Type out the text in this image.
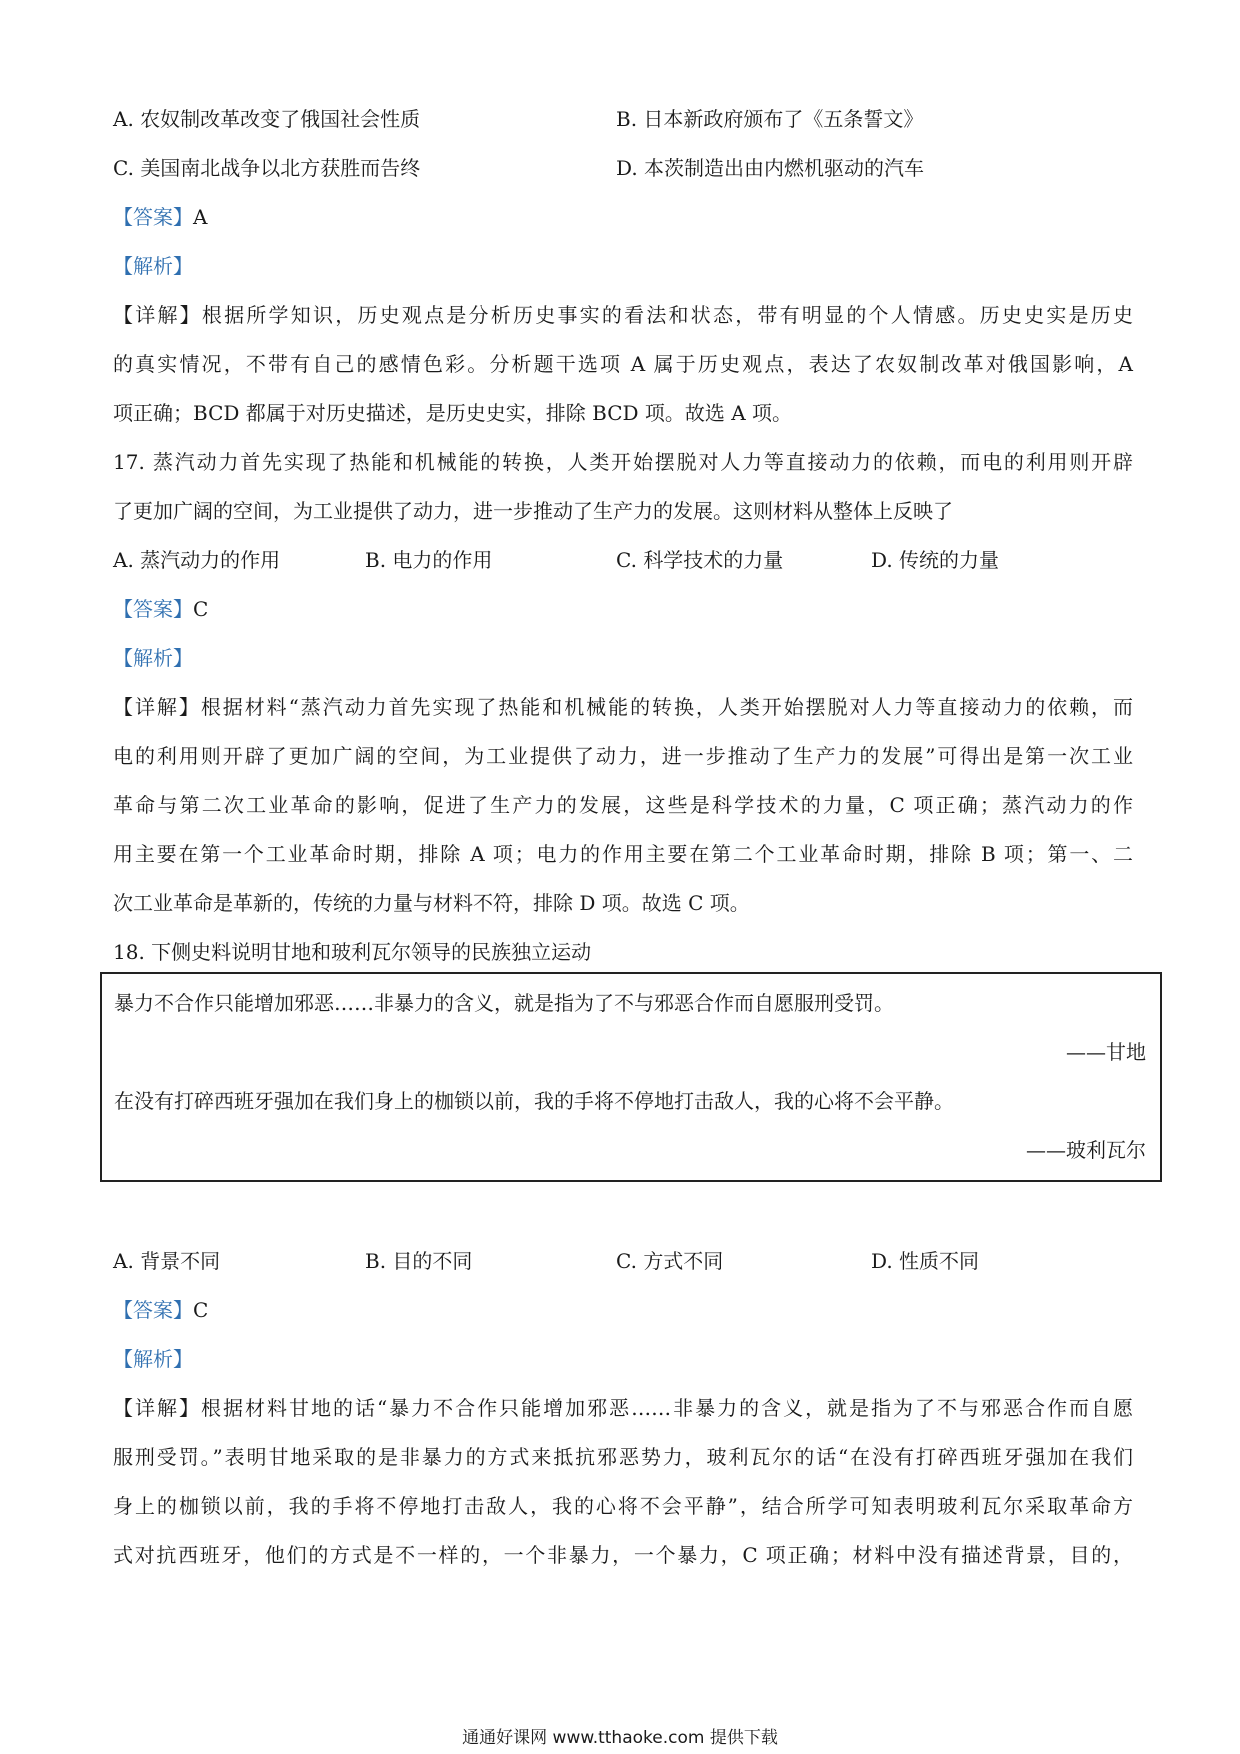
A. 农奴制改革改变了俄国社会性质	B. 日本新政府颁布了《五条誓文》
C. 美国南北战争以北方获胜而告终	D. 本茨制造出由内燃机驱动的汽车
【答案】A
【解析】
【详解】根据所学知识，历史观点是分析历史事实的看法和状态，带有明显的个人情感。历史史实是历史
的真实情况，不带有自己的感情色彩。分析题干选项 A 属于历史观点，表达了农奴制改革对俄国影响，A
项正确；BCD 都属于对历史描述，是历史史实，排除 BCD 项。故选 A 项。
17. 蒸汽动力首先实现了热能和机械能的转换，人类开始摆脱对人力等直接动力的依赖，而电的利用则开辟
了更加广阔的空间，为工业提供了动力，进一步推动了生产力的发展。这则材料从整体上反映了
A. 蒸汽动力的作用	B. 电力的作用	C. 科学技术的力量	D. 传统的力量
【答案】C
【解析】
【详解】根据材料“蒸汽动力首先实现了热能和机械能的转换，人类开始摆脱对人力等直接动力的依赖，而
电的利用则开辟了更加广阔的空间，为工业提供了动力，进一步推动了生产力的发展”可得出是第一次工业
革命与第二次工业革命的影响，促进了生产力的发展，这些是科学技术的力量，C 项正确；蒸汽动力的作
用主要在第一个工业革命时期，排除 A 项；电力的作用主要在第二个工业革命时期，排除 B 项；第一、二
次工业革命是革新的，传统的力量与材料不符，排除 D 项。故选 C 项。
18. 下侧史料说明甘地和玻利瓦尔领导的民族独立运动
暴力不合作只能增加邪恶……非暴力的含义，就是指为了不与邪恶合作而自愿服刑受罚。
——甘地
在没有打碎西班牙强加在我们身上的枷锁以前，我的手将不停地打击敌人，我的心将不会平静。
——玻利瓦尔
A. 背景不同	B. 目的不同	C. 方式不同	D. 性质不同
【答案】C
【解析】
【详解】根据材料甘地的话“暴力不合作只能增加邪恶……非暴力的含义，就是指为了不与邪恶合作而自愿
服刑受罚。”表明甘地采取的是非暴力的方式来抵抗邪恶势力，玻利瓦尔的话“在没有打碎西班牙强加在我们
身上的枷锁以前，我的手将不停地打击敌人，我的心将不会平静”，结合所学可知表明玻利瓦尔采取革命方
式对抗西班牙，他们的方式是不一样的，一个非暴力，一个暴力，C 项正确；材料中没有描述背景，目的，
通通好课网 www.tthaoke.com 提供下载
